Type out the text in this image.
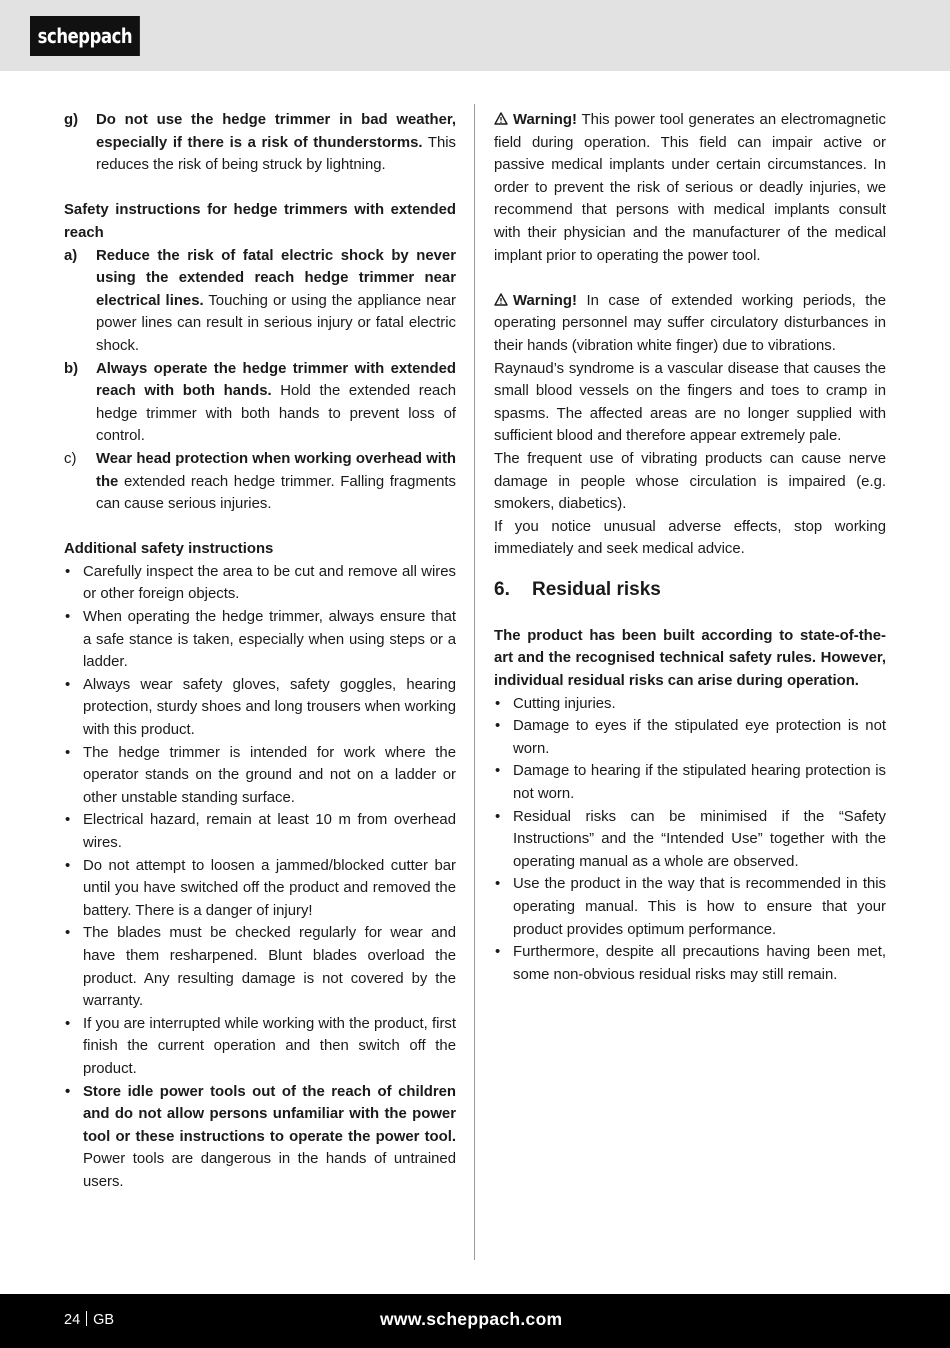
scheppach
g)	Do not use the hedge trimmer in bad weather, especially if there is a risk of thunderstorms. This reduces the risk of being struck by lightning.

Safety instructions for hedge trimmers with extended reach

a)	Reduce the risk of fatal electric shock by never using the extended reach hedge trimmer near electrical lines. Touching or using the appliance near power lines can result in serious injury or fatal electric shock.
b)	Always operate the hedge trimmer with extended reach with both hands. Hold the extended reach hedge trimmer with both hands to prevent loss of control.
c)	Wear head protection when working overhead with the extended reach hedge trimmer. Falling fragments can cause serious injuries.

Additional safety instructions

• Carefully inspect the area to be cut and remove all wires or other foreign objects.
• When operating the hedge trimmer, always ensure that a safe stance is taken, especially when using steps or a ladder.
• Always wear safety gloves, safety goggles, hearing protection, sturdy shoes and long trousers when working with this product.
• The hedge trimmer is intended for work where the operator stands on the ground and not on a ladder or other unstable standing surface.
• Electrical hazard, remain at least 10 m from overhead wires.
• Do not attempt to loosen a jammed/blocked cutter bar until you have switched off the product and removed the battery. There is a danger of injury!
• The blades must be checked regularly for wear and have them resharpened. Blunt blades overload the product. Any resulting damage is not covered by the warranty.
• If you are interrupted while working with the product, first finish the current operation and then switch off the product.
• Store idle power tools out of the reach of children and do not allow persons unfamiliar with the power tool or these instructions to operate the power tool. Power tools are dangerous in the hands of untrained users.

Warning! This power tool generates an electromagnetic field during operation. This field can impair active or passive medical implants under certain circumstances. In order to prevent the risk of serious or deadly injuries, we recommend that persons with medical implants consult with their physician and the manufacturer of the medical implant prior to operating the power tool.

Warning! In case of extended working periods, the operating personnel may suffer circulatory disturbances in their hands (vibration white finger) due to vibrations.

Raynaud’s syndrome is a vascular disease that causes the small blood vessels on the fingers and toes to cramp in spasms. The affected areas are no longer supplied with sufficient blood and therefore appear extremely pale.

The frequent use of vibrating products can cause nerve damage in people whose circulation is impaired (e.g. smokers, diabetics).

If you notice unusual adverse effects, stop working immediately and seek medical advice.

6.	Residual risks

The product has been built according to state-of-the-art and the recognised technical safety rules. However, individual residual risks can arise during operation.

• Cutting injuries.
• Damage to eyes if the stipulated eye protection is not worn.
• Damage to hearing if the stipulated hearing protection is not worn.
• Residual risks can be minimised if the “Safety Instructions” and the “Intended Use” together with the operating manual as a whole are observed.
• Use the product in the way that is recommended in this operating manual. This is how to ensure that your product provides optimum performance.
• Furthermore, despite all precautions having been met, some non-obvious residual risks may still remain.
24 GB	www.scheppach.com
